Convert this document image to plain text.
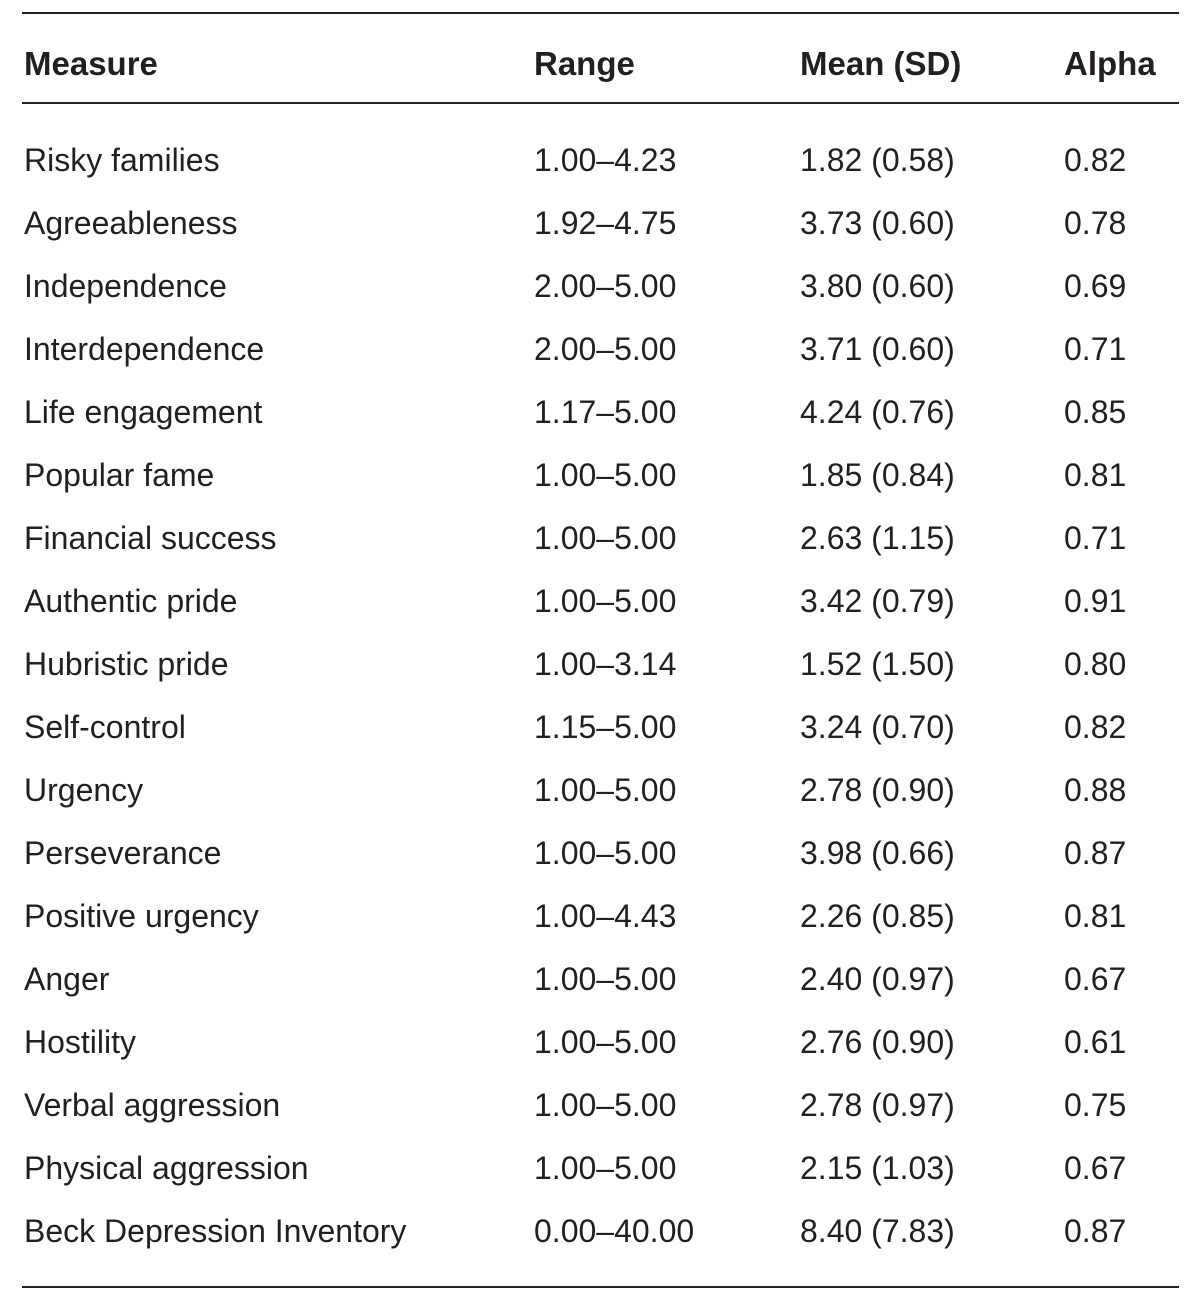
Measure	Range	Mean (SD)	Alpha
Risky families	1.00–4.23	1.82 (0.58)	0.82
Agreeableness	1.92–4.75	3.73 (0.60)	0.78
Independence	2.00–5.00	3.80 (0.60)	0.69
Interdependence	2.00–5.00	3.71 (0.60)	0.71
Life engagement	1.17–5.00	4.24 (0.76)	0.85
Popular fame	1.00–5.00	1.85 (0.84)	0.81
Financial success	1.00–5.00	2.63 (1.15)	0.71
Authentic pride	1.00–5.00	3.42 (0.79)	0.91
Hubristic pride	1.00–3.14	1.52 (1.50)	0.80
Self-control	1.15–5.00	3.24 (0.70)	0.82
Urgency	1.00–5.00	2.78 (0.90)	0.88
Perseverance	1.00–5.00	3.98 (0.66)	0.87
Positive urgency	1.00–4.43	2.26 (0.85)	0.81
Anger	1.00–5.00	2.40 (0.97)	0.67
Hostility	1.00–5.00	2.76 (0.90)	0.61
Verbal aggression	1.00–5.00	2.78 (0.97)	0.75
Physical aggression	1.00–5.00	2.15 (1.03)	0.67
Beck Depression Inventory	0.00–40.00	8.40 (7.83)	0.87
